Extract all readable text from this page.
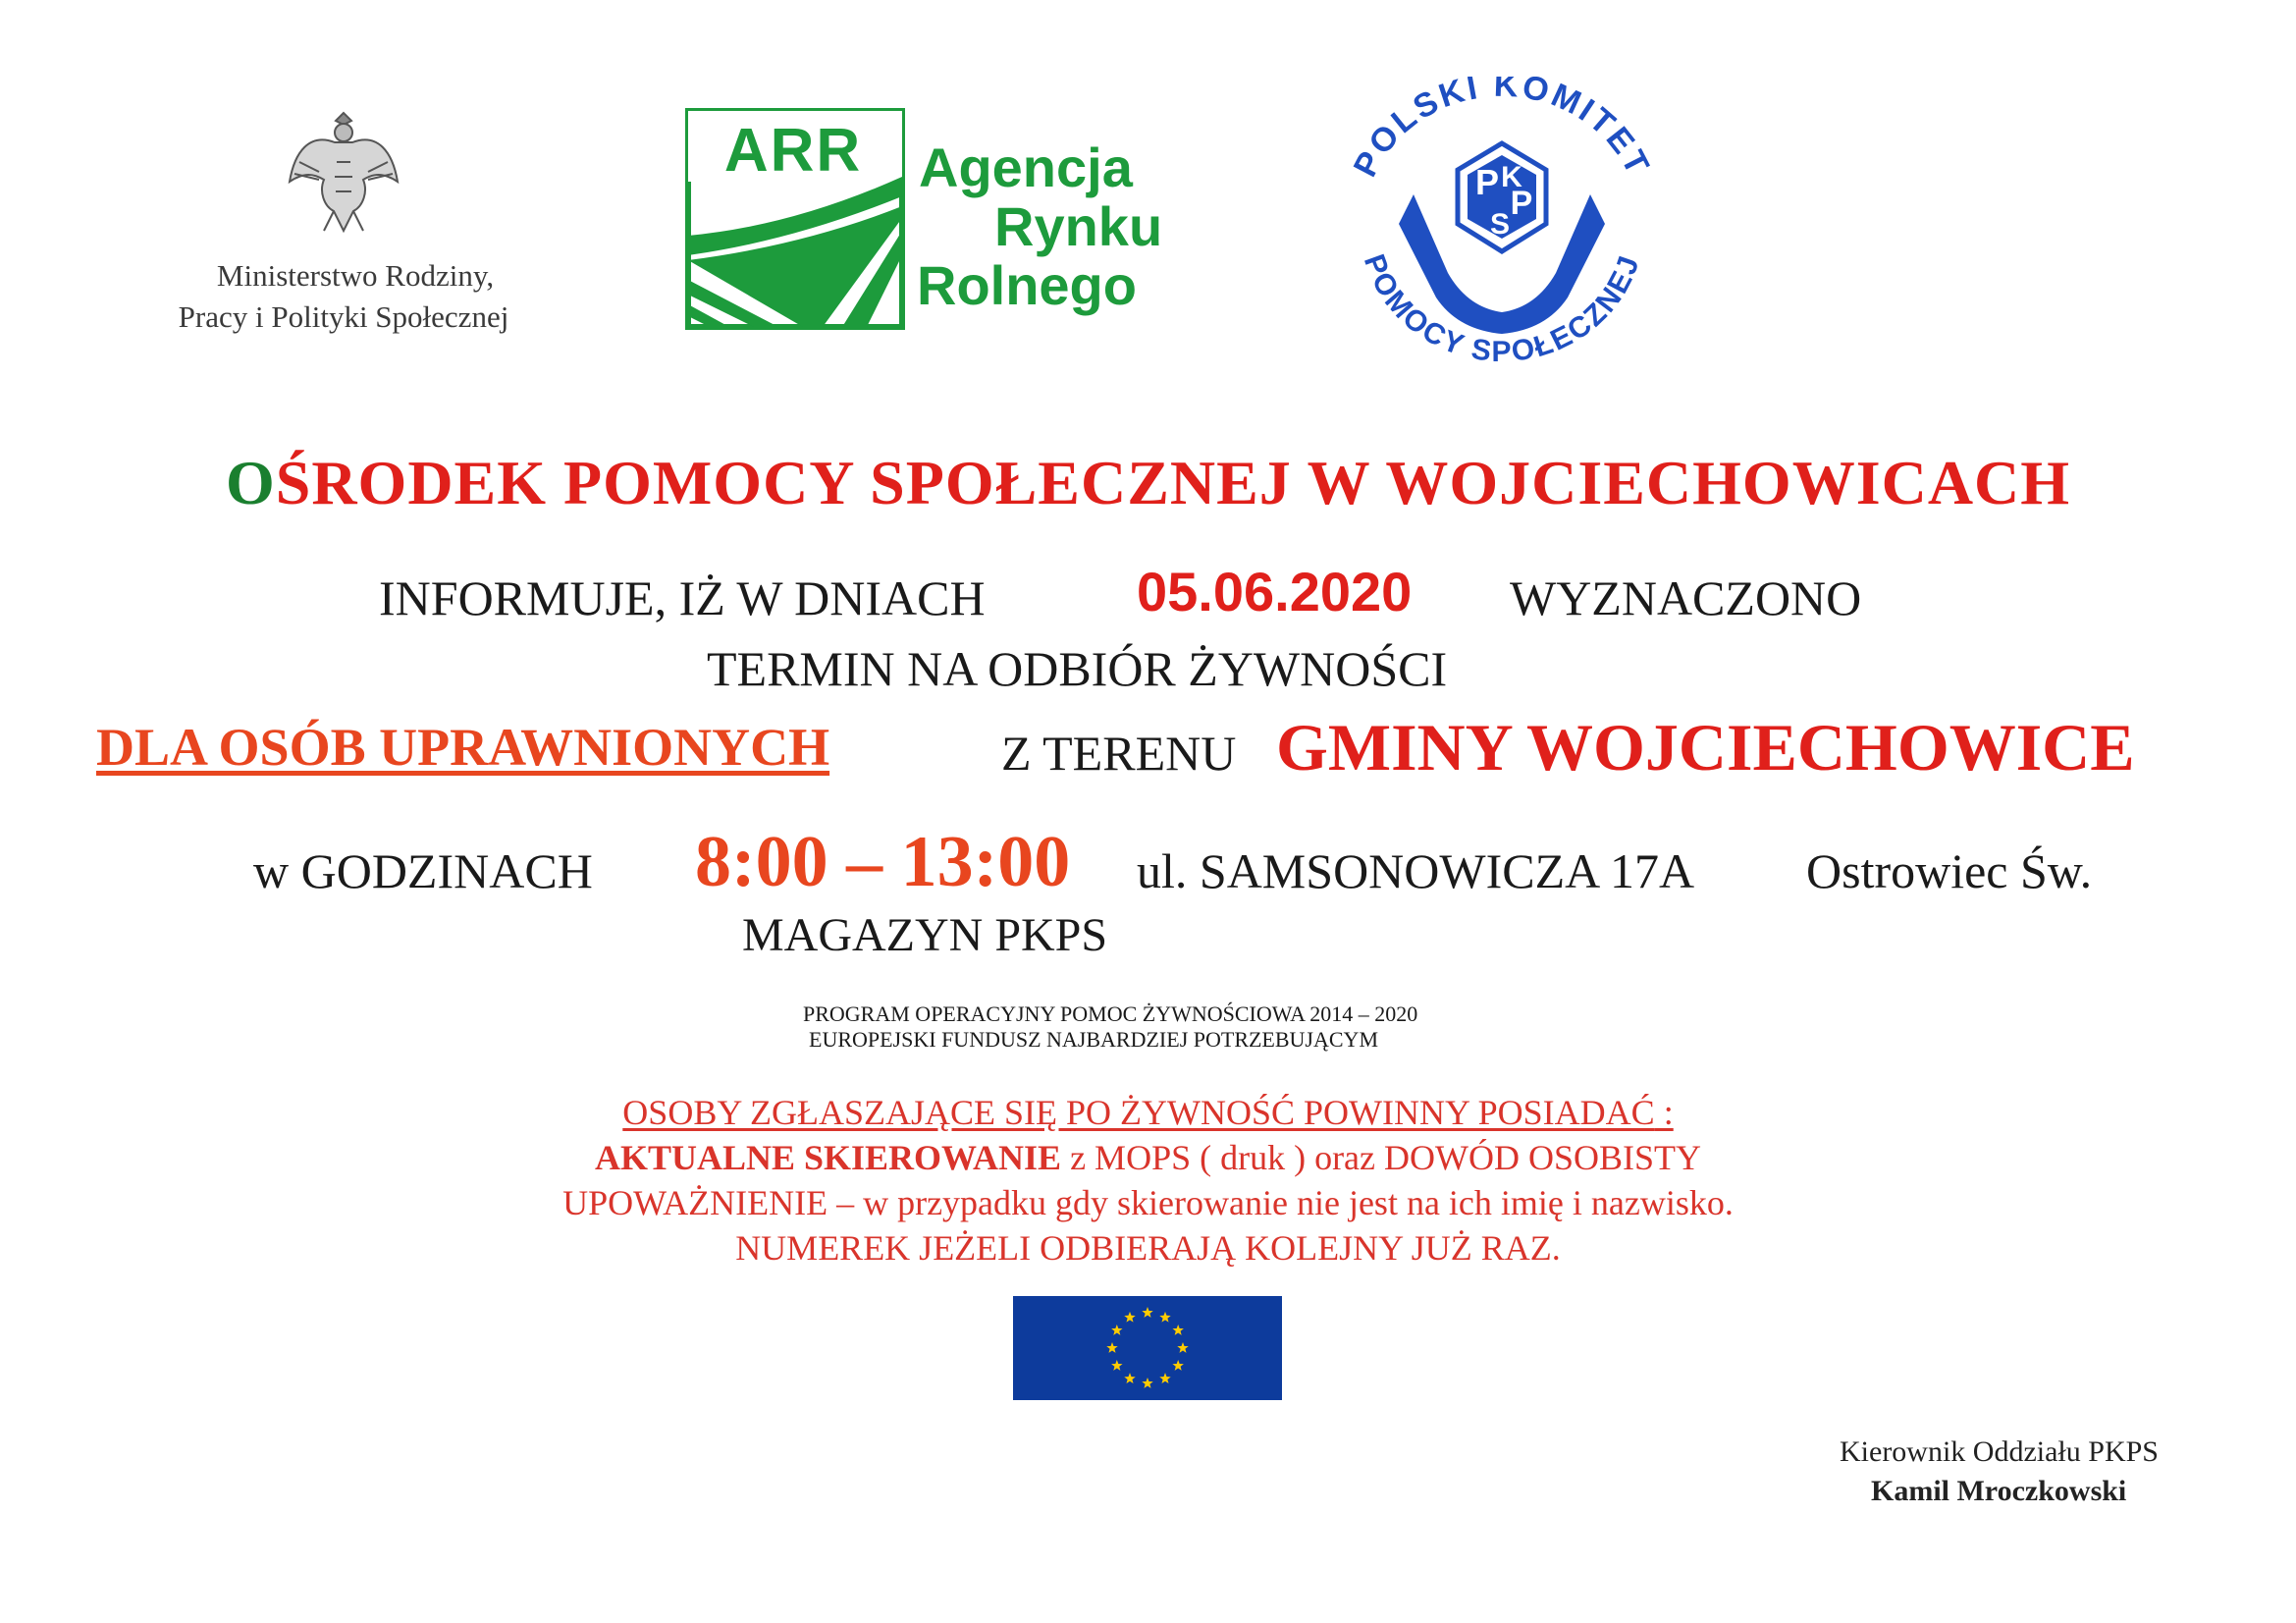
Ministerstwo Rodziny,
Pracy i Polityki Społecznej
ARR	Agencja
Rynku
Rolnego
POLSKI KOMITET
POMOCY SPOŁECZNEJ
P K
P
S
OŚRODEK POMOCY SPOŁECZNEJ W WOJCIECHOWICACH
INFORMUJE, IŻ W DNIACH	05.06.2020 WYZNACZONO
TERMIN NA ODBIÓR ŻYWNOŚCI
DLA OSÓB UPRAWNIONYCH	Z TERENU GMINY WOJCIECHOWICE
w GODZINACH 8:00 – 13:00 ul. SAMSONOWICZA 17A Ostrowiec Św.
MAGAZYN PKPS
PROGRAM OPERACYJNY POMOC ŻYWNOŚCIOWA 2014 – 2020
EUROPEJSKI FUNDUSZ NAJBARDZIEJ POTRZEBUJĄCYM
OSOBY ZGŁASZAJĄCE SIĘ PO ŻYWNOŚĆ POWINNY POSIADAĆ :
AKTUALNE SKIEROWANIE z MOPS ( druk ) oraz DOWÓD OSOBISTY
UPOWAŻNIENIE – w przypadku gdy skierowanie nie jest na ich imię i nazwisko.
NUMEREK JEŻELI ODBIERAJĄ KOLEJNY JUŻ RAZ.
Kierownik Oddziału PKPS
Kamil Mroczkowski
